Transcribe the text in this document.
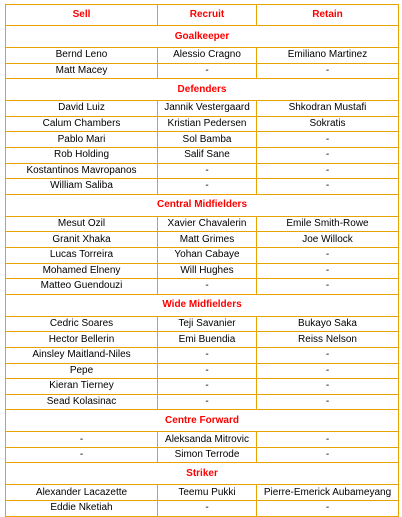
Sell	Recruit	Retain
Goalkeeper		
Bernd Leno	Alessio Cragno	Emiliano Martinez
Matt Macey	-	-
Defenders		
David Luiz	Jannik Vestergaard	Shkodran Mustafi
Calum Chambers	Kristian Pedersen	Sokratis
Pablo Mari	Sol Bamba	-
Rob Holding	Salif Sane	-
Kostantinos Mavropanos	-	-
William Saliba	-	-
Central Midfielders		
Mesut Ozil	Xavier Chavalerin	Emile Smith-Rowe
Granit Xhaka	Matt Grimes	Joe Willock
Lucas Torreira	Yohan Cabaye	-
Mohamed Elneny	Will Hughes	-
Matteo Guendouzi	-	-
Wide Midfielders		
Cedric Soares	Teji Savanier	Bukayo Saka
Hector Bellerin	Emi Buendia	Reiss Nelson
Ainsley Maitland-Niles	-	-
Pepe	-	-
Kieran Tierney	-	-
Sead Kolasinac	-	-
Centre Forward		
-	Aleksanda Mitrovic	-
-	Simon Terrode	-
Striker		
Alexander Lacazette	Teemu Pukki	Pierre-Emerick Aubameyang
Eddie Nketiah	-	-
